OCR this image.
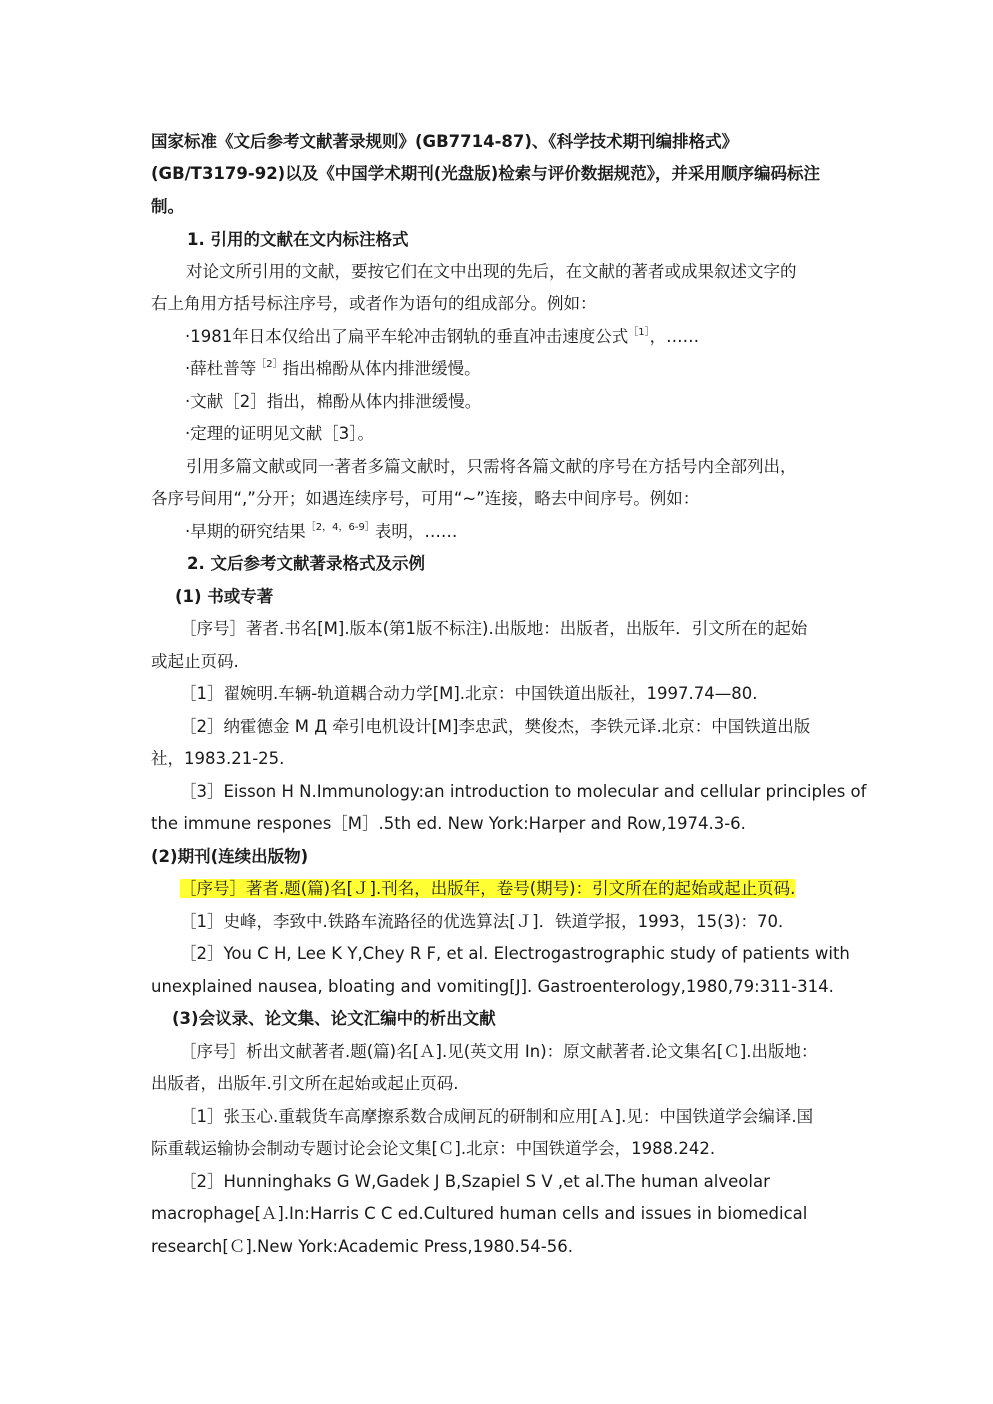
国家标准《文后参考文献著录规则》(GB7714-87)、《科学技术期刊编排格式》
(GB/T3179-92)以及《中国学术期刊(光盘版)检索与评价数据规范》，并采用顺序编码标注
制。
1. 引用的文献在文内标注格式
对论文所引用的文献，要按它们在文中出现的先后，在文献的著者或成果叙述文字的
右上角用方括号标注序号，或者作为语句的组成部分。例如：
·1981年日本仅给出了扁平车轮冲击钢轨的垂直冲击速度公式$^{[1]}$，……
·薛杜普等$^{[2]}$指出棉酚从体内排泄缓慢。
·文献［2］指出，棉酚从体内排泄缓慢。
·定理的证明见文献［3］。
引用多篇文献或同一著者多篇文献时，只需将各篇文献的序号在方括号内全部列出，
各序号间用“,”分开；如遇连续序号，可用“~”连接，略去中间序号。例如：
·早期的研究结果$^{[2,4,6-9]}$表明，……
2. 文后参考文献著录格式及示例
(1) 书或专著
［序号］著者.书名[M].版本(第1版不标注).出版地：出版者，出版年．引文所在的起始
或起止页码.
［1］翟婉明.车辆-轨道耦合动力学[M].北京：中国铁道出版社，1997.74—80.
［2］纳霍德金 M Д 牵引电机设计[M]李忠武，樊俊杰，李铁元译.北京：中国铁道出版
社，1983.21-25.
［3］Eisson H N.Immunology:an introduction to molecular and cellular principles of
the immune respones［M］.5th ed. New York:Harper and Row,1974.3-6.
(2)期刊(连续出版物)
［序号］著者.题(篇)名[Ｊ].刊名，出版年，卷号(期号)：引文所在的起始或起止页码.
［1］史峰，李致中.铁路车流路径的优选算法[Ｊ]．铁道学报，1993，15(3)：70．
［2］You C H, Lee K Y,Chey R F, et al. Electrogastrographic study of patients with
unexplained nausea, bloating and vomiting[J]. Gastroenterology,1980,79:311-314.
(3)会议录、论文集、论文汇编中的析出文献
［序号］析出文献著者.题(篇)名[Ａ].见(英文用 In)：原文献著者.论文集名[Ｃ].出版地：
出版者，出版年.引文所在起始或起止页码.
［1］张玉心.重载货车高摩擦系数合成闸瓦的研制和应用[Ａ].见：中国铁道学会编译.国
际重载运输协会制动专题讨论会论文集[Ｃ].北京：中国铁道学会，1988.242.
［2］Hunninghaks G W,Gadek J B,Szapiel S V ,et al.The human alveolar
macrophage[Ａ].In:Harris C C ed.Cultured human cells and issues in biomedical
research[Ｃ].New York:Academic Press,1980.54-56.
